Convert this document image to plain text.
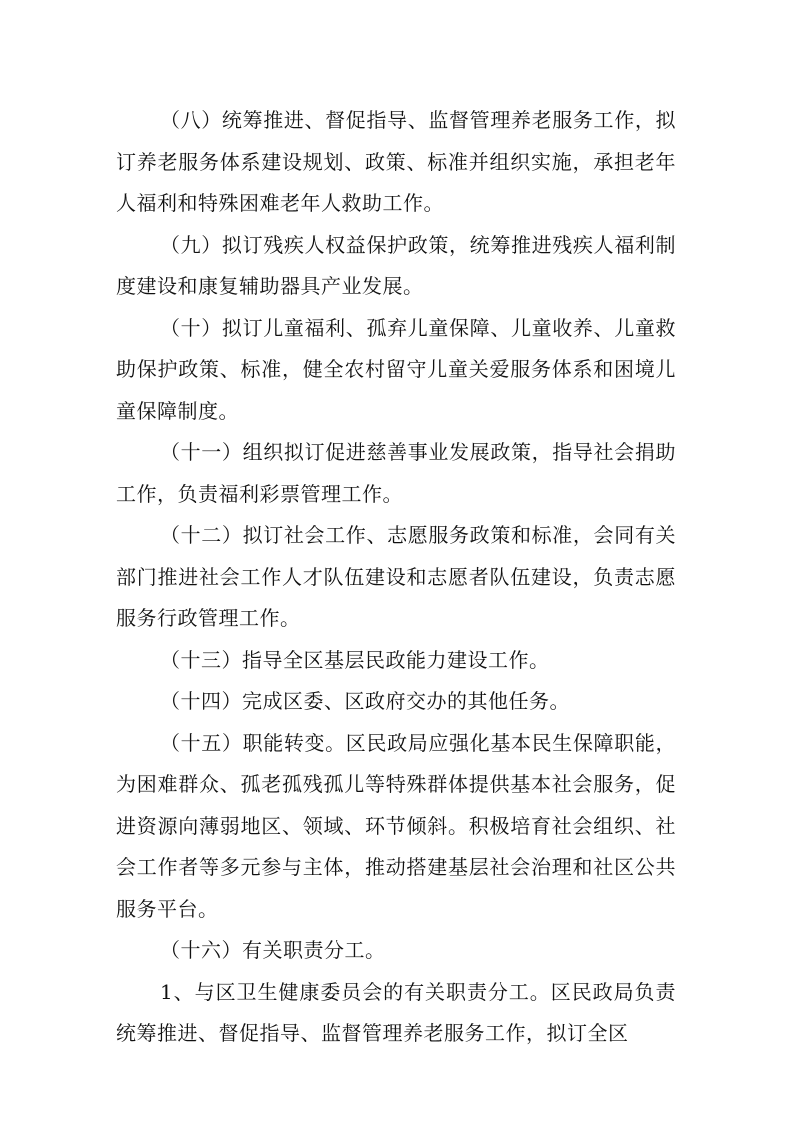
（八）统筹推进、督促指导、监督管理养老服务工作，拟订养老服务体系建设规划、政策、标准并组织实施，承担老年人福利和特殊困难老年人救助工作。

（九）拟订残疾人权益保护政策，统筹推进残疾人福利制度建设和康复辅助器具产业发展。

（十）拟订儿童福利、孤弃儿童保障、儿童收养、儿童救助保护政策、标准，健全农村留守儿童关爱服务体系和困境儿童保障制度。

（十一）组织拟订促进慈善事业发展政策，指导社会捐助工作，负责福利彩票管理工作。

（十二）拟订社会工作、志愿服务政策和标准，会同有关部门推进社会工作人才队伍建设和志愿者队伍建设，负责志愿服务行政管理工作。

（十三）指导全区基层民政能力建设工作。

（十四）完成区委、区政府交办的其他任务。

（十五）职能转变。区民政局应强化基本民生保障职能，为困难群众、孤老孤残孤儿等特殊群体提供基本社会服务，促进资源向薄弱地区、领域、环节倾斜。积极培育社会组织、社会工作者等多元参与主体，推动搭建基层社会治理和社区公共服务平台。

（十六）有关职责分工。

1、与区卫生健康委员会的有关职责分工。区民政局负责统筹推进、督促指导、监督管理养老服务工作，拟订全区
